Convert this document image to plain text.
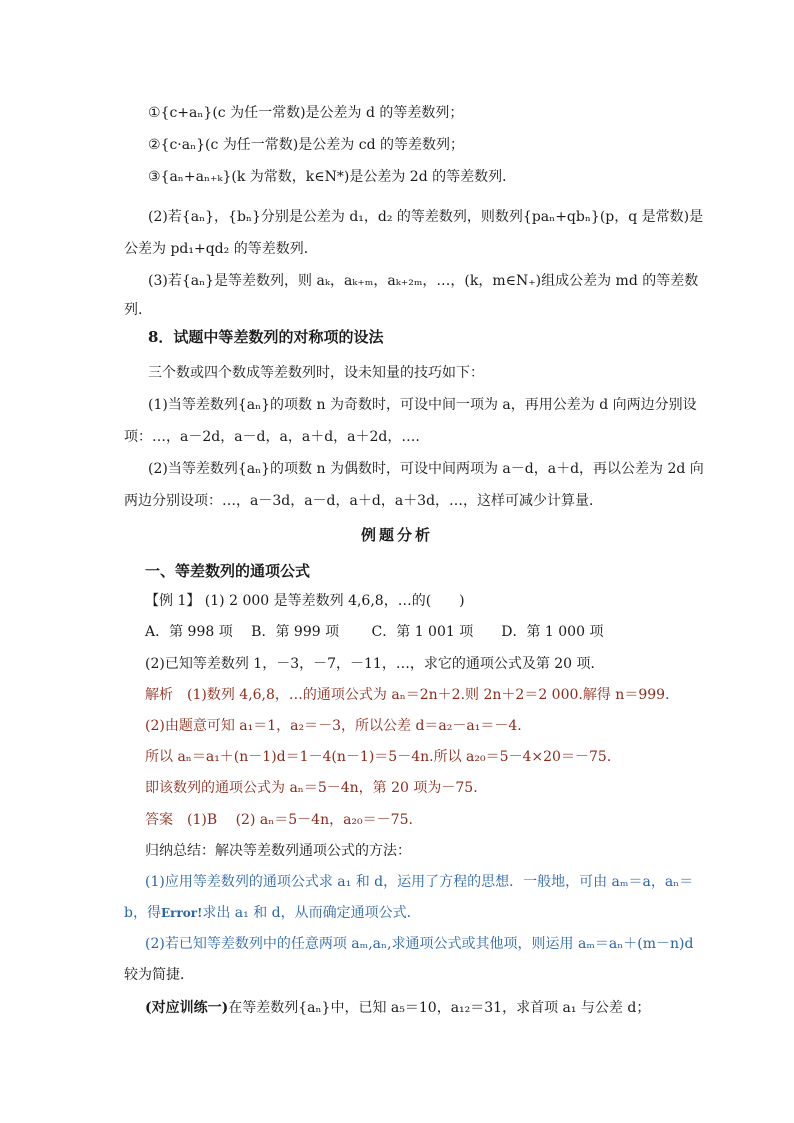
①{c+aₙ}(c 为任一常数)是公差为 d 的等差数列；
②{c·aₙ}(c 为任一常数)是公差为 cd 的等差数列；
③{aₙ+aₙ₊ₖ}(k 为常数，k∈N*)是公差为 2d 的等差数列．
(2)若{aₙ}，{bₙ}分别是公差为 d₁，d₂ 的等差数列，则数列{paₙ+qbₙ}(p，q 是常数)是
公差为 pd₁+qd₂ 的等差数列．
(3)若{aₙ}是等差数列，则 aₖ，aₖ₊ₘ，aₖ₊₂ₘ，…，(k，m∈N₊)组成公差为 md 的等差数
列.
8．试题中等差数列的对称项的设法
三个数或四个数成等差数列时，设未知量的技巧如下：
(1)当等差数列{aₙ}的项数 n 为奇数时，可设中间一项为 a，再用公差为 d 向两边分别设
项：…，a－2d，a－d，a，a＋d，a＋2d，….
(2)当等差数列{aₙ}的项数 n 为偶数时，可设中间两项为 a－d，a＋d，再以公差为 2d 向
两边分别设项：…，a－3d，a－d，a＋d，a＋3d，…，这样可减少计算量．
例题分析
一、等差数列的通项公式
【例 1】 (1) 2 000 是等差数列 4,6,8，…的(　　)
A．第 998 项　 B．第 999 项　　 C．第 1 001 项　　D．第 1 000 项
(2)已知等差数列 1，－3，－7，－11，…，求它的通项公式及第 20 项．
解析　(1)数列 4,6,8，…的通项公式为 aₙ＝2n＋2.则 2n＋2＝2 000.解得 n＝999.
(2)由题意可知 a₁＝1，a₂＝－3，所以公差 d＝a₂－a₁＝－4.
所以 aₙ＝a₁＋(n－1)d＝1－4(n－1)＝5－4n.所以 a₂₀＝5－4×20＝－75.
即该数列的通项公式为 aₙ＝5－4n，第 20 项为－75.
答案　(1)B　 (2) aₙ＝5－4n，a₂₀＝－75.
归纳总结：解决等差数列通项公式的方法：
(1)应用等差数列的通项公式求 a₁ 和 d，运用了方程的思想．一般地，可由 aₘ＝a，aₙ＝
b，得Error!求出 a₁ 和 d，从而确定通项公式．
(2)若已知等差数列中的任意两项 aₘ,aₙ,求通项公式或其他项，则运用 aₘ＝aₙ＋(m－n)d
较为简捷．
(对应训练一)在等差数列{aₙ}中，已知 a₅＝10，a₁₂＝31，求首项 a₁ 与公差 d；
